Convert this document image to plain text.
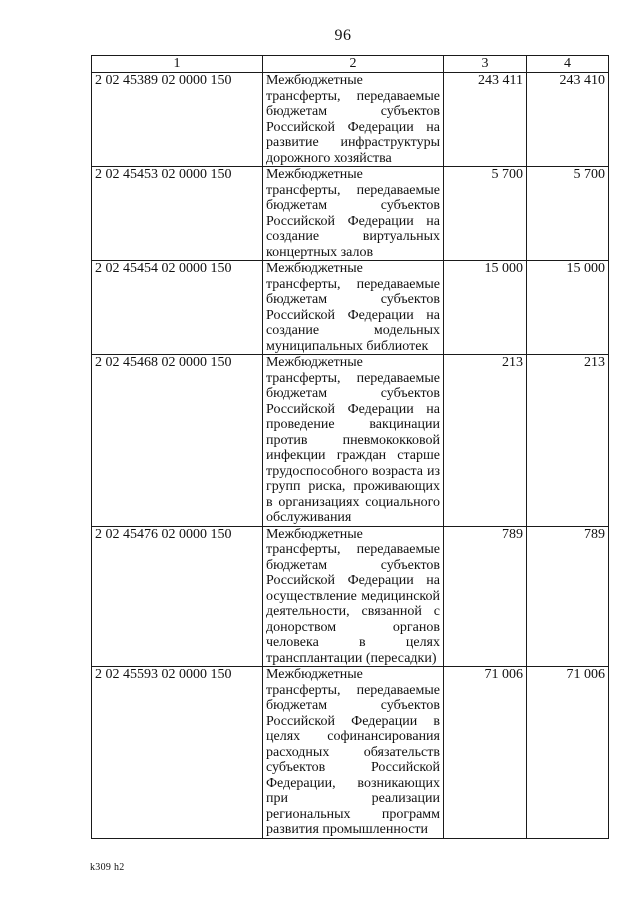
96
1	2	3	4
2 02 45389 02 0000 150	Межбюджетные трансферты, передаваемые бюджетам субъектов Российской Федерации на развитие инфраструктуры дорожного хозяйства	243 411	243 410
2 02 45453 02 0000 150	Межбюджетные трансферты, передаваемые бюджетам субъектов Российской Федерации на создание виртуальных концертных залов	5 700	5 700
2 02 45454 02 0000 150	Межбюджетные трансферты, передаваемые бюджетам субъектов Российской Федерации на создание модельных муниципальных библиотек	15 000	15 000
2 02 45468 02 0000 150	Межбюджетные трансферты, передаваемые бюджетам субъектов Российской Федерации на проведение вакцинации против пневмококковой инфекции граждан старше трудоспособного возраста из групп риска, проживающих в организациях социального обслуживания	213	213
2 02 45476 02 0000 150	Межбюджетные трансферты, передаваемые бюджетам субъектов Российской Федерации на осуществление медицинской деятельности, связанной с донорством органов человека в целях трансплантации (пересадки)	789	789
2 02 45593 02 0000 150	Межбюджетные трансферты, передаваемые бюджетам субъектов Российской Федерации в целях софинансирования расходных обязательств субъектов Российской Федерации, возникающих при реализации региональных программ развития промышленности	71 006	71 006
k309 h2
